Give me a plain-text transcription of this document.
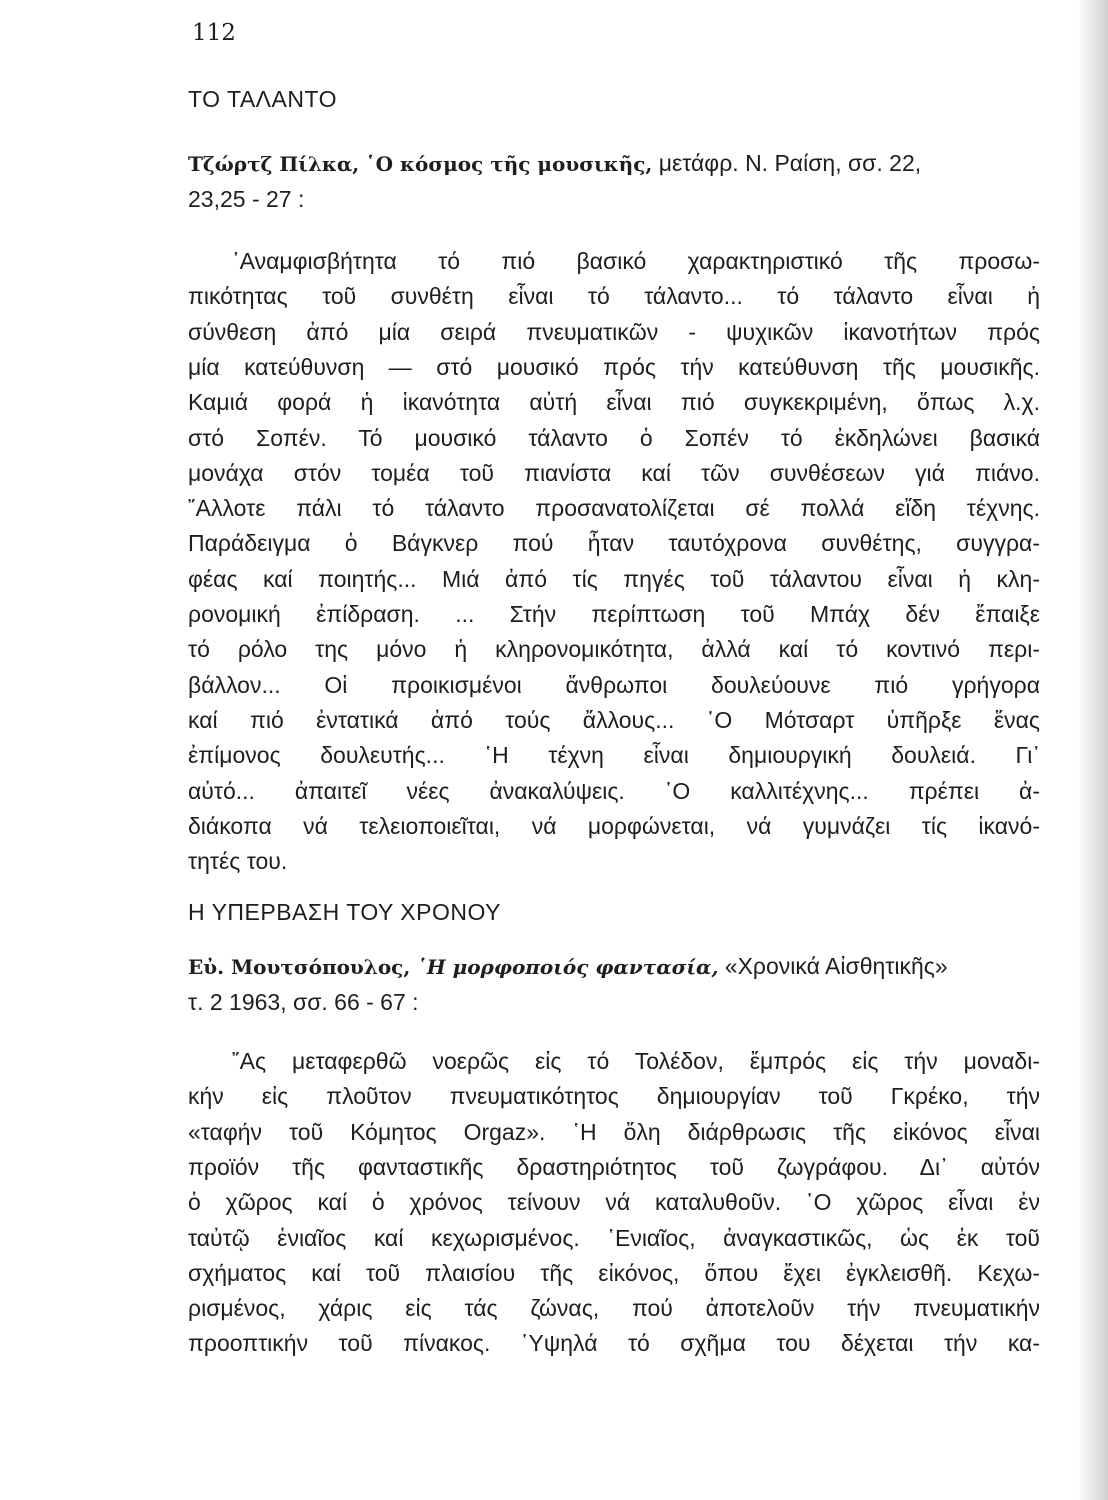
112
ΤΟ ΤΑΛΑΝΤΟ
Τζώρτζ Πίλκα, ῾Ο κόσμος τῆς μουσικῆς, μετάφρ. Ν. Ραίση, σσ. 22,
23,25 - 27 :
᾿Αναμφισβήτητα τό πιό βασικό χαρακτηριστικό τῆς προσω-
πικότητας τοῦ συνθέτη εἶναι τό τάλαντο... τό τάλαντο εἶναι ἡ
σύνθεση ἀπό μία σειρά πνευματικῶν - ψυχικῶν ἱκανοτήτων πρός
μία κατεύθυνση — στό μουσικό πρός τήν κατεύθυνση τῆς μουσικῆς.
Καμιά φορά ἡ ἱκανότητα αὐτή εἶναι πιό συγκεκριμένη, ὅπως λ.χ.
στό Σοπέν. Τό μουσικό τάλαντο ὁ Σοπέν τό ἐκδηλώνει βασικά
μονάχα στόν τομέα τοῦ πιανίστα καί τῶν συνθέσεων γιά πιάνο.
῎Αλλοτε πάλι τό τάλαντο προσανατολίζεται σέ πολλά εἴδη τέχνης.
Παράδειγμα ὁ Βάγκνερ πού ἦταν ταυτόχρονα συνθέτης, συγγρα-
φέας καί ποιητής... Μιά ἀπό τίς πηγές τοῦ τάλαντου εἶναι ἡ κλη-
ρονομική ἐπίδραση. ... Στήν περίπτωση τοῦ Μπάχ δέν ἔπαιξε
τό ρόλο της μόνο ἡ κληρονομικότητα, ἀλλά καί τό κοντινό περι-
βάλλον... Οἱ προικισμένοι ἄνθρωποι δουλεύουνε πιό γρήγορα
καί πιό ἐντατικά ἀπό τούς ἄλλους... ῾Ο Μότσαρτ ὑπῆρξε ἕνας
ἐπίμονος δουλευτής... ῾Η τέχνη εἶναι δημιουργική δουλειά. Γι᾿
αὐτό... ἀπαιτεῖ νέες ἀνακαλύψεις. ῾Ο καλλιτέχνης... πρέπει ἀ-
διάκοπα νά τελειοποιεῖται, νά μορφώνεται, νά γυμνάζει τίς ἱκανό-
τητές του.
Η ΥΠΕΡΒΑΣΗ ΤΟΥ ΧΡΟΝΟΥ
Εὐ. Μουτσόπουλος, ῾Η μορφοποιός φαντασία, «Χρονικά Αἰσθητικῆς»
τ. 2 1963, σσ. 66 - 67 :
῎Ας μεταφερθῶ νοερῶς εἰς τό Τολέδον, ἔμπρός εἰς τήν μοναδι-
κήν εἰς πλοῦτον πνευματικότητος δημιουργίαν τοῦ Γκρέκο, τήν
«ταφήν τοῦ Κόμητος Orgaz». ῾Η ὅλη διάρθρωσις τῆς εἰκόνος εἶναι
προϊόν τῆς φανταστικῆς δραστηριότητος τοῦ ζωγράφου. Δι᾿ αὐτόν
ὁ χῶρος καί ὁ χρόνος τείνουν νά καταλυθοῦν. ῾Ο χῶρος εἶναι ἐν
ταὐτῷ ἑνιαῖος καί κεχωρισμένος. ῾Ενιαῖος, ἀναγκαστικῶς, ὡς ἐκ τοῦ
σχήματος καί τοῦ πλαισίου τῆς εἰκόνος, ὅπου ἔχει ἐγκλεισθῆ. Κεχω-
ρισμένος, χάρις εἰς τάς ζώνας, πού ἀποτελοῦν τήν πνευματικήν
προοπτικήν τοῦ πίνακος. ῾Υψηλά τό σχῆμα του δέχεται τήν κα-
